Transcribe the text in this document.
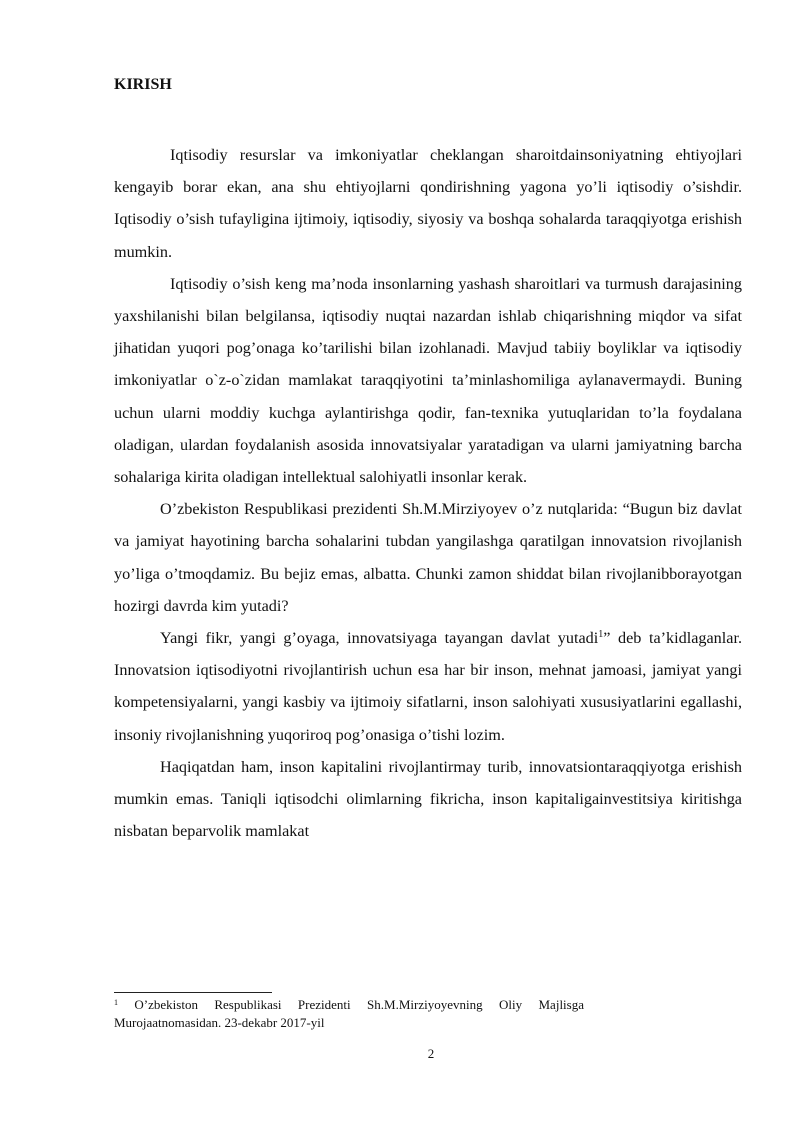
KIRISH

Iqtisodiy resurslar va imkoniyatlar cheklangan sharoitdainsoniyatning ehtiyojlari kengayib borar ekan, ana shu ehtiyojlarni qondirishning yagona yo’li iqtisodiy o’sishdir. Iqtisodiy o’sish tufayligina ijtimoiy, iqtisodiy, siyosiy va boshqa sohalarda taraqqiyotga erishish mumkin.

Iqtisodiy o’sish keng ma’noda insonlarning yashash sharoitlari va turmush darajasining yaxshilanishi bilan belgilansa, iqtisodiy nuqtai nazardan ishlab chiqarishning miqdor va sifat jihatidan yuqori pog’onaga ko’tarilishi bilan izohlanadi. Mavjud tabiiy boyliklar va iqtisodiy imkoniyatlar o`z-o`zidan mamlakat taraqqiyotini ta’minlashomiliga aylanavermaydi. Buning uchun ularni moddiy kuchga aylantirishga qodir, fan-texnika yutuqlaridan to’la foydalana oladigan, ulardan foydalanish asosida innovatsiyalar yaratadigan va ularni jamiyatning barcha sohalariga kirita oladigan intellektual salohiyatli insonlar kerak.

O’zbekiston Respublikasi prezidenti Sh.M.Mirziyoyev o’z nutqlarida: “Bugun biz davlat va jamiyat hayotining barcha sohalarini tubdan yangilashga qaratilgan innovatsion rivojlanish yo’liga o’tmoqdamiz. Bu bejiz emas, albatta. Chunki zamon shiddat bilan rivojlanibborayotgan hozirgi davrda kim yutadi?

Yangi fikr, yangi g’oyaga, innovatsiyaga tayangan davlat yutadi$^1$” deb ta’kidlaganlar. Innovatsion iqtisodiyotni rivojlantirish uchun esa har bir inson, mehnat jamoasi, jamiyat yangi kompetensiyalarni, yangi kasbiy va ijtimoiy sifatlarni, inson salohiyati xususiyatlarini egallashi, insoniy rivojlanishning yuqoriroq pog’onasiga o’tishi lozim.

Haqiqatdan ham, inson kapitalini rivojlantirmay turib, innovatsiontaraqqiyotga erishish mumkin emas. Taniqli iqtisodchi olimlarning fikricha, inson kapitaligainvestitsiya kiritishga nisbatan beparvolik mamlakat

$^1$ O’zbekiston Respublikasi Prezidenti Sh.M.Mirziyoyevning Oliy Majlisga Murojaatnomasidan. 23-dekabr 2017-yil
2
